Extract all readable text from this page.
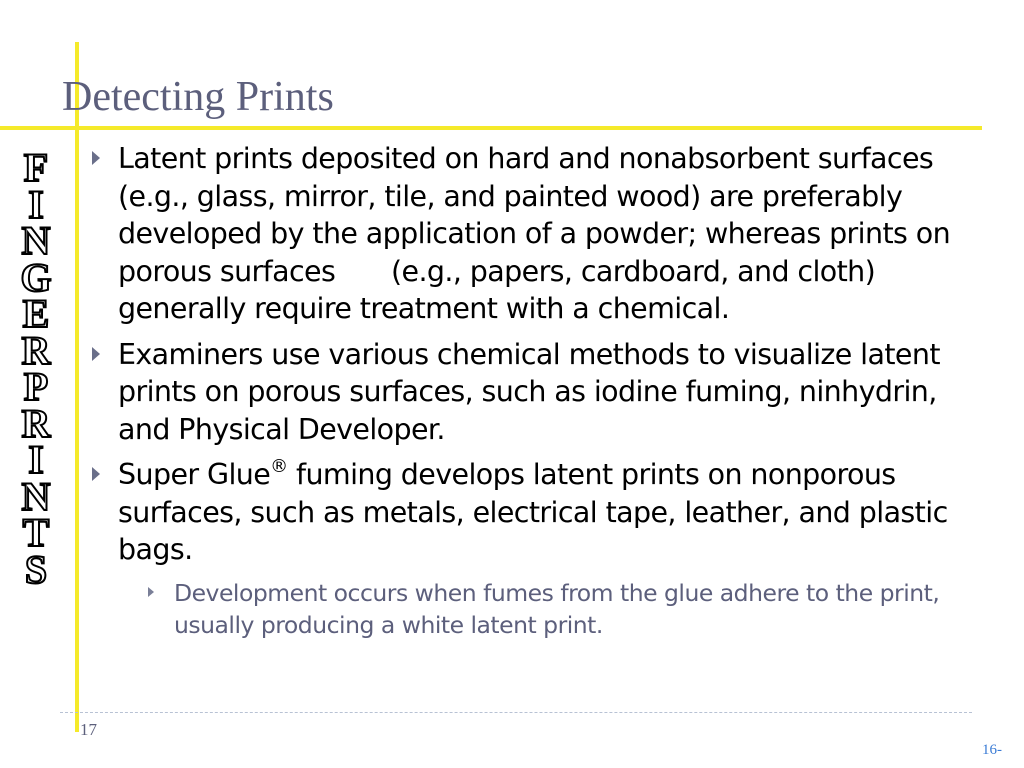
Detecting Prints
F
I
N
G
E
R
P
R
I
N
T
S
Latent prints deposited on hard and nonabsorbent surfaces (e.g., glass, mirror, tile, and painted wood) are preferably developed by the application of a powder; whereas prints on porous surfaces  (e.g., papers, cardboard, and cloth) generally require treatment with a chemical.
Examiners use various chemical methods to visualize latent prints on porous surfaces, such as iodine fuming, ninhydrin, and Physical Developer.
Super Glue® fuming develops latent prints on nonporous surfaces, such as metals, electrical tape, leather, and plastic bags.
Development occurs when fumes from the glue adhere to the print, usually producing a white latent print.
17
16-
